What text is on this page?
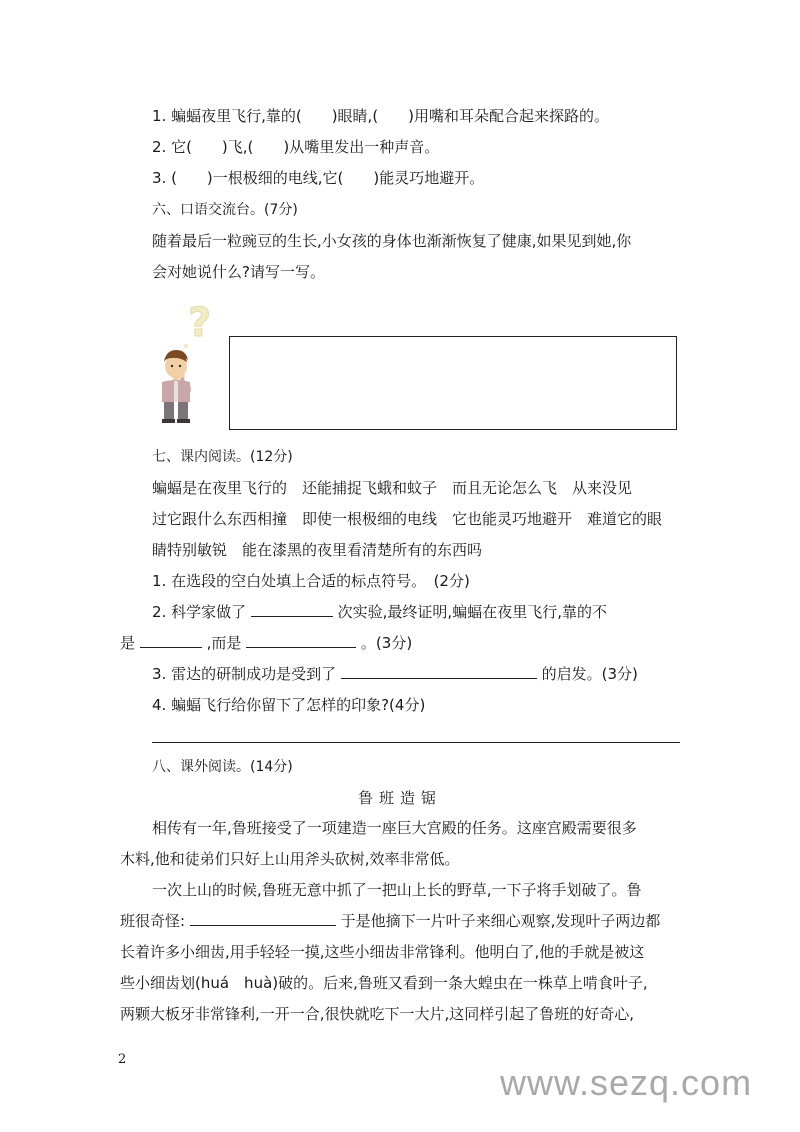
1. 蝙蝠夜里飞行,靠的(　　)眼睛,(　　)用嘴和耳朵配合起来探路的。
2. 它(　　)飞,(　　)从嘴里发出一种声音。
3. (　　)一根极细的电线,它(　　)能灵巧地避开。
六、口语交流台。(7分)
随着最后一粒豌豆的生长,小女孩的身体也渐渐恢复了健康,如果见到她,你
会对她说什么?请写一写。
?
七、课内阅读。(12分)
蝙蝠是在夜里飞行的　还能捕捉飞蛾和蚊子　而且无论怎么飞　从来没见
过它跟什么东西相撞　即使一根极细的电线　它也能灵巧地避开　难道它的眼
睛特别敏锐　能在漆黑的夜里看清楚所有的东西吗
1. 在选段的空白处填上合适的标点符号。　(2分)
2. 科学家做了	次实验,最终证明,蝙蝠在夜里飞行,靠的不
是	,而是	。(3分)
3. 雷达的研制成功是受到了	的启发。(3分)
4. 蝙蝠飞行给你留下了怎样的印象?(4分)
八、课外阅读。(14分)
鲁班造锯
相传有一年,鲁班接受了一项建造一座巨大宫殿的任务。这座宫殿需要很多
木料,他和徒弟们只好上山用斧头砍树,效率非常低。
一次上山的时候,鲁班无意中抓了一把山上长的野草,一下子将手划破了。鲁
班很奇怪:	于是他摘下一片叶子来细心观察,发现叶子两边都
长着许多小细齿,用手轻轻一摸,这些小细齿非常锋利。他明白了,他的手就是被这
些小细齿划(huá　huà)破的。后来,鲁班又看到一条大蝗虫在一株草上啃食叶子,
两颗大板牙非常锋利,一开一合,很快就吃下一大片,这同样引起了鲁班的好奇心,
2
www.sezq.com
